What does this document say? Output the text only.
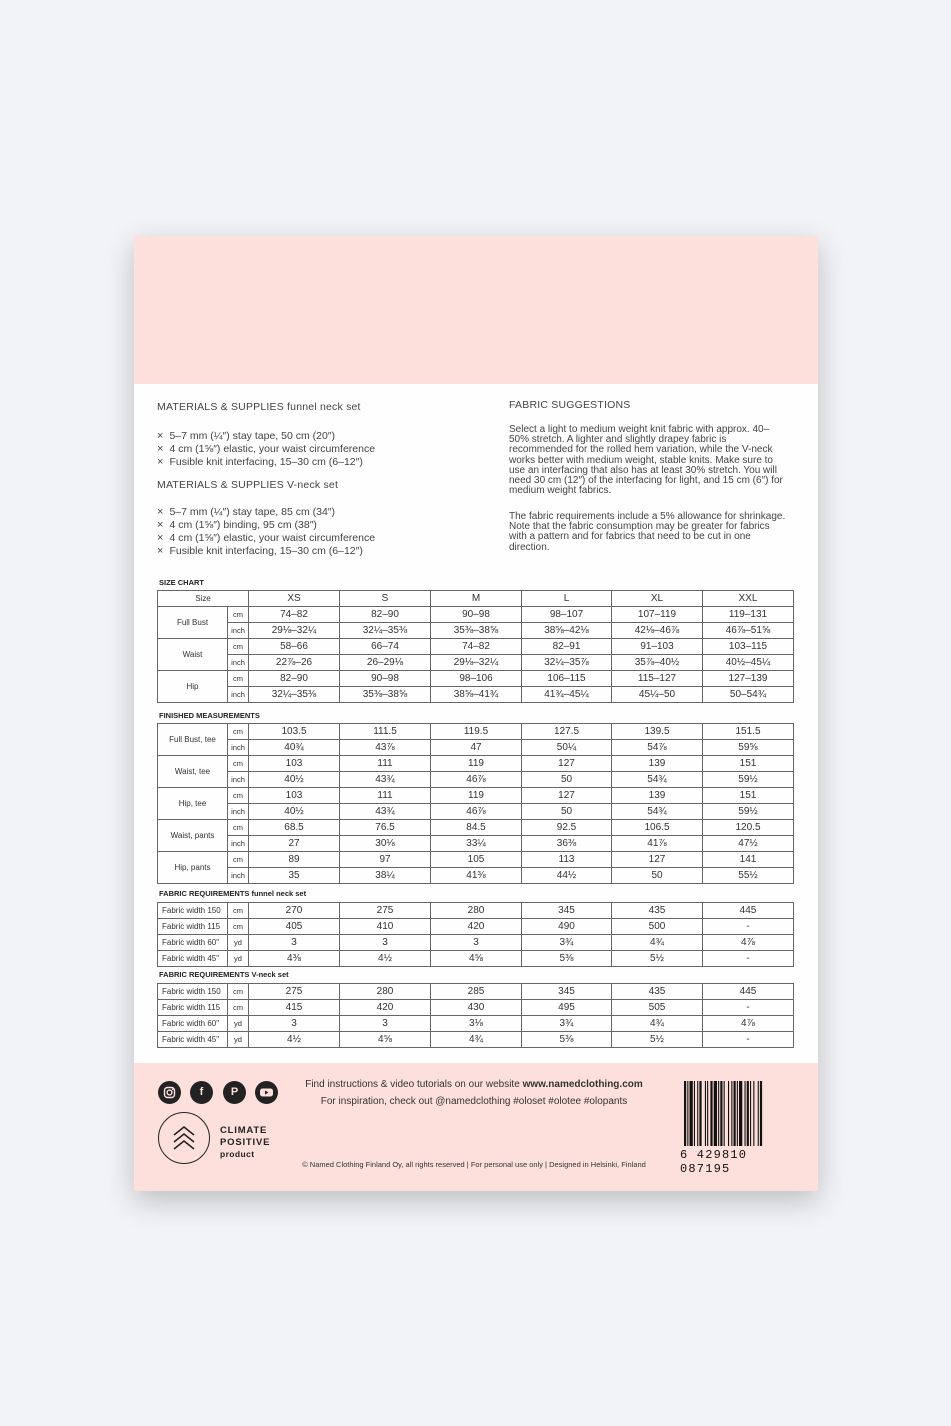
MATERIALS & SUPPLIES funnel neck set
× 5–7 mm (¼″) stay tape, 50 cm (20″)
× 4 cm (1⅝″) elastic, your waist circumference
× Fusible knit interfacing, 15–30 cm (6–12″)
MATERIALS & SUPPLIES V-neck set
× 5–7 mm (¼″) stay tape, 85 cm (34″)
× 4 cm (1⅝″) binding, 95 cm (38″)
× 4 cm (1⅝″) elastic, your waist circumference
× Fusible knit interfacing, 15–30 cm (6–12″)
FABRIC SUGGESTIONS

Select a light to medium weight knit fabric with approx. 40–50% stretch. A lighter and slightly drapey fabric is recommended for the rolled hem variation, while the V-neck works better with medium weight, stable knits. Make sure to use an interfacing that also has at least 30% stretch. You will need 30 cm (12″) of the interfacing for light, and 15 cm (6″) for medium weight fabrics.

The fabric requirements include a 5% allowance for shrinkage. Note that the fabric consumption may be greater for fabrics with a pattern and for fabrics that need to be cut in one direction.

SIZE CHART
Size		XS	S	M	L	XL	XXL
Full Bust	cm	74–82	82–90	90–98	98–107	107–119	119–131
	inch	29⅛–32¼	32¼–35⅜	35⅜–38⅝	38⅝–42⅛	42⅛–46⅞	46⅞–51⅝
Waist	cm	58–66	66–74	74–82	82–91	91–103	103–115
	inch	22⅞–26	26–29⅛	29⅛–32¼	32¼–35⅞	35⅞–40½	40½–45¼
Hip	cm	82–90	90–98	98–106	106–115	115–127	127–139
	inch	32¼–35⅜	35⅜–38⅝	38⅝–41¾	41¾–45¼	45¼–50	50–54¾
FINISHED MEASUREMENTS
Full Bust, tee	cm	103.5	111.5	119.5	127.5	139.5	151.5
	inch	40¾	43⅞	47	50¼	54⅞	59⅝
Waist, tee	cm	103	111	119	127	139	151
	inch	40½	43¾	46⅞	50	54¾	59½
Hip, tee	cm	103	111	119	127	139	151
	inch	40½	43¾	46⅞	50	54¾	59½
Waist, pants	cm	68.5	76.5	84.5	92.5	106.5	120.5
	inch	27	30⅛	33¼	36⅜	41⅞	47½
Hip, pants	cm	89	97	105	113	127	141
	inch	35	38¼	41⅜	44½	50	55½
FABRIC REQUIREMENTS funnel neck set
Fabric width 150	cm	270	275	280	345	435	445
Fabric width 115	cm	405	410	420	490	500	-
Fabric width 60"	yd	3	3	3	3¾	4¾	4⅞
Fabric width 45"	yd	4⅜	4½	4⅝	5⅜	5½	-
FABRIC REQUIREMENTS V-neck set
Fabric width 150	cm	275	280	285	345	435	445
Fabric width 115	cm	415	420	430	495	505	-
Fabric width 60"	yd	3	3	3⅛	3¾	4¾	4⅞
Fabric width 45"	yd	4½	4⅝	4¾	5⅜	5½	-
f	P
CLIMATE
POSITIVE
product
Find instructions & video tutorials on our website www.namedclothing.com
For inspiration, check out @namedclothing #oloset #olotee #olopants
© Named Clothing Finland Oy, all rights reserved | For personal use only | Designed in Helsinki, Finland
6 429810 087195
